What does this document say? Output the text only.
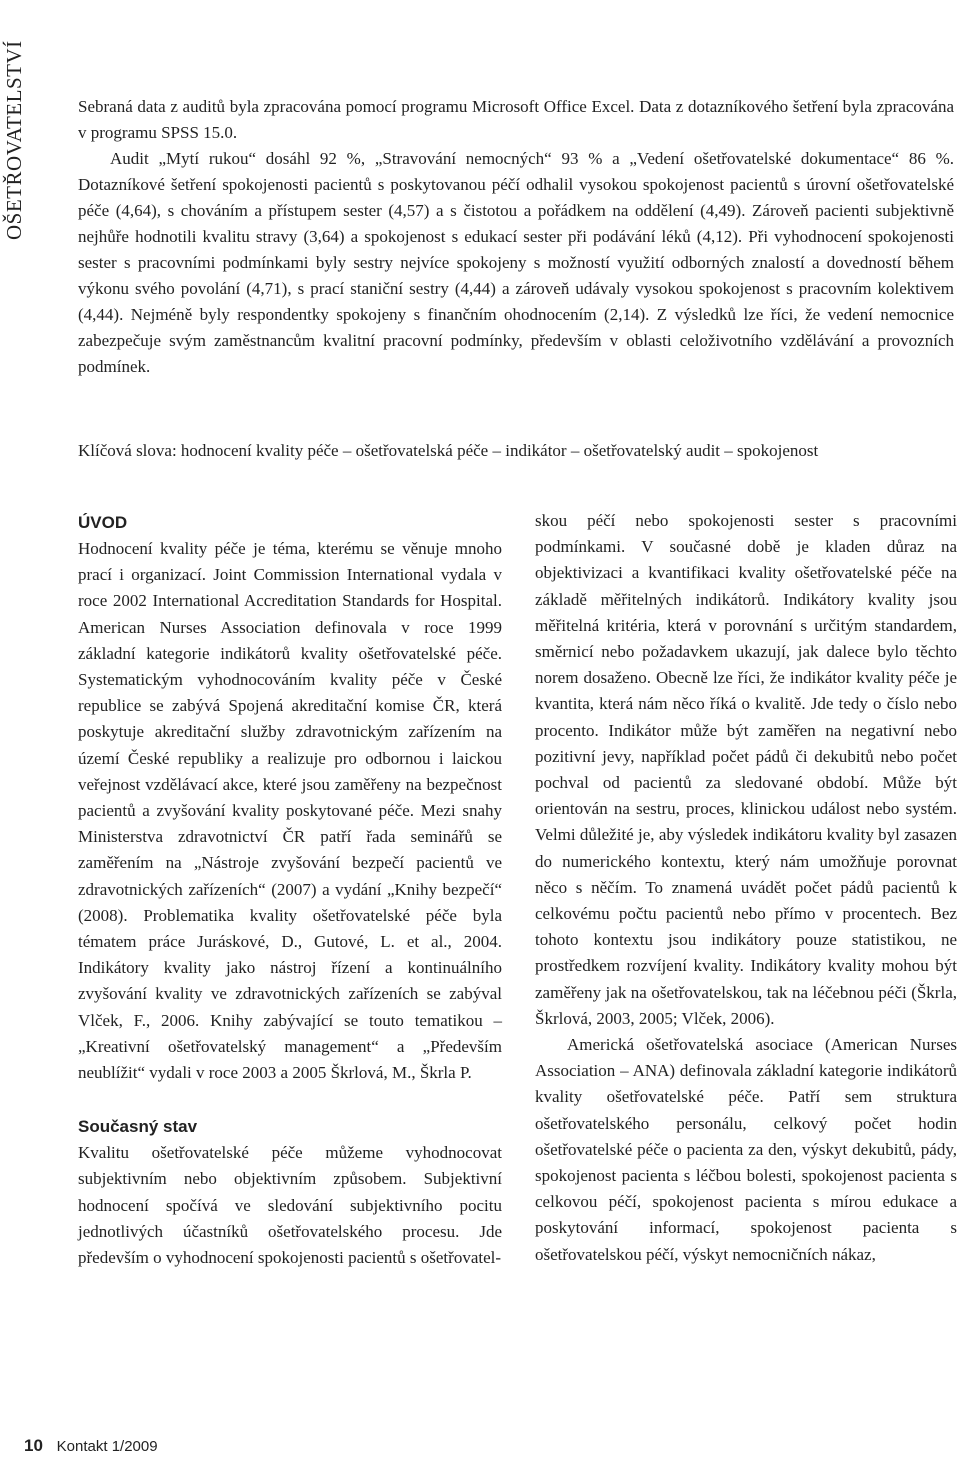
OŠETŘOVATELSTVÍ	Sebraná data z auditů byla zpracována pomocí programu Microsoft Office Excel. Data z dotazníkového šetření byla zpracována v programu SPSS 15.0.

Audit „Mytí rukou“ dosáhl 92 %, „Stravování nemocných“ 93 % a „Vedení ošetřovatelské dokumentace“ 86 %. Dotazníkové šetření spokojenosti pacientů s poskytovanou péčí odhalil vysokou spokojenost pacientů s úrovní ošetřovatelské péče (4,64), s chováním a přístupem sester (4,57) a s čistotou a pořádkem na oddělení (4,49). Zároveň pacienti subjektivně nejhůře hodnotili kvalitu stravy (3,64) a spokojenost s edukací sester při podávání léků (4,12). Při vyhodnocení spokojenosti sester s pracovními podmínkami byly sestry nejvíce spokojeny s možností využití odborných znalostí a dovedností během výkonu svého povolání (4,71), s prací staniční sestry (4,44) a zároveň udávaly vysokou spokojenost s pracovním kolektivem (4,44). Nejméně byly respondentky spokojeny s finančním ohodnocením (2,14). Z výsledků lze říci, že vedení nemocnice zabezpečuje svým zaměstnancům kvalitní pracovní podmínky, především v oblasti celoživotního vzdělávání a provozních podmínek.

Klíčová slova: hodnocení kvality péče – ošetřovatelská péče – indikátor – ošetřovatelský audit – spokojenost
ÚVOD

Hodnocení kvality péče je téma, kterému se věnuje mnoho prací i organizací. Joint Commission International vydala v roce 2002 International Accreditation Standards for Hospital. American Nurses Association definovala v roce 1999 základní kategorie indikátorů kvality ošetřovatelské péče. Systematickým vyhodnocováním kvality péče v České republice se zabývá Spojená akreditační komise ČR, která poskytuje akreditační služby zdravotnickým zařízením na území České republiky a realizuje pro odbornou i laickou veřejnost vzdělávací akce, které jsou zaměřeny na bezpečnost pacientů a zvyšování kvality poskytované péče. Mezi snahy Ministerstva zdravotnictví ČR patří řada seminářů se zaměřením na „Nástroje zvyšování bezpečí pacientů ve zdravotnických zařízeních“ (2007) a vydání „Knihy bezpečí“ (2008). Problematika kvality ošetřovatelské péče byla tématem práce Juráskové, D., Gutové, L. et al., 2004. Indikátory kvality jako nástroj řízení a kontinuálního zvyšování kvality ve zdravotnických zařízeních se zabýval Vlček, F., 2006. Knihy zabývající se touto tematikou – „Kreativní ošetřovatelský management“ a „Především neublížit“ vydali v roce 2003 a 2005 Škrlová, M., Škrla P.

Současný stav

Kvalitu ošetřovatelské péče můžeme vyhodnocovat subjektivním nebo objektivním způsobem. Subjektivní hodnocení spočívá ve sledování subjektivního pocitu jednotlivých účastníků ošetřovatelského procesu. Jde především o vyhodnocení spokojenosti pacientů s ošetřovatel-

skou péčí nebo spokojenosti sester s pracovními podmínkami. V současné době je kladen důraz na objektivizaci a kvantifikaci kvality ošetřovatelské péče na základě měřitelných indikátorů. Indikátory kvality jsou měřitelná kritéria, která v porovnání s určitým standardem, směrnicí nebo požadavkem ukazují, jak dalece bylo těchto norem dosaženo. Obecně lze říci, že indikátor kvality péče je kvantita, která nám něco říká o kvalitě. Jde tedy o číslo nebo procento. Indikátor může být zaměřen na negativní nebo pozitivní jevy, například počet pádů či dekubitů nebo počet pochval od pacientů za sledované období. Může být orientován na sestru, proces, klinickou událost nebo systém. Velmi důležité je, aby výsledek indikátoru kvality byl zasazen do numerického kontextu, který nám umožňuje porovnat něco s něčím. To znamená uvádět počet pádů pacientů k celkovému počtu pacientů nebo přímo v procentech. Bez tohoto kontextu jsou indikátory pouze statistikou, ne prostředkem rozvíjení kvality. Indikátory kvality mohou být zaměřeny jak na ošetřovatelskou, tak na léčebnou péči (Škrla, Škrlová, 2003, 2005; Vlček, 2006).

Americká ošetřovatelská asociace (American Nurses Association – ANA) definovala základní kategorie indikátorů kvality ošetřovatelské péče. Patří sem struktura ošetřovatelského personálu, celkový počet hodin ošetřovatelské péče o pacienta za den, výskyt dekubitů, pády, spokojenost pacienta s léčbou bolesti, spokojenost pacienta s celkovou péčí, spokojenost pacienta s mírou edukace a poskytování informací, spokojenost pacienta s ošetřovatelskou péčí, výskyt nemocničních nákaz,

10 Kontakt 1/2009
